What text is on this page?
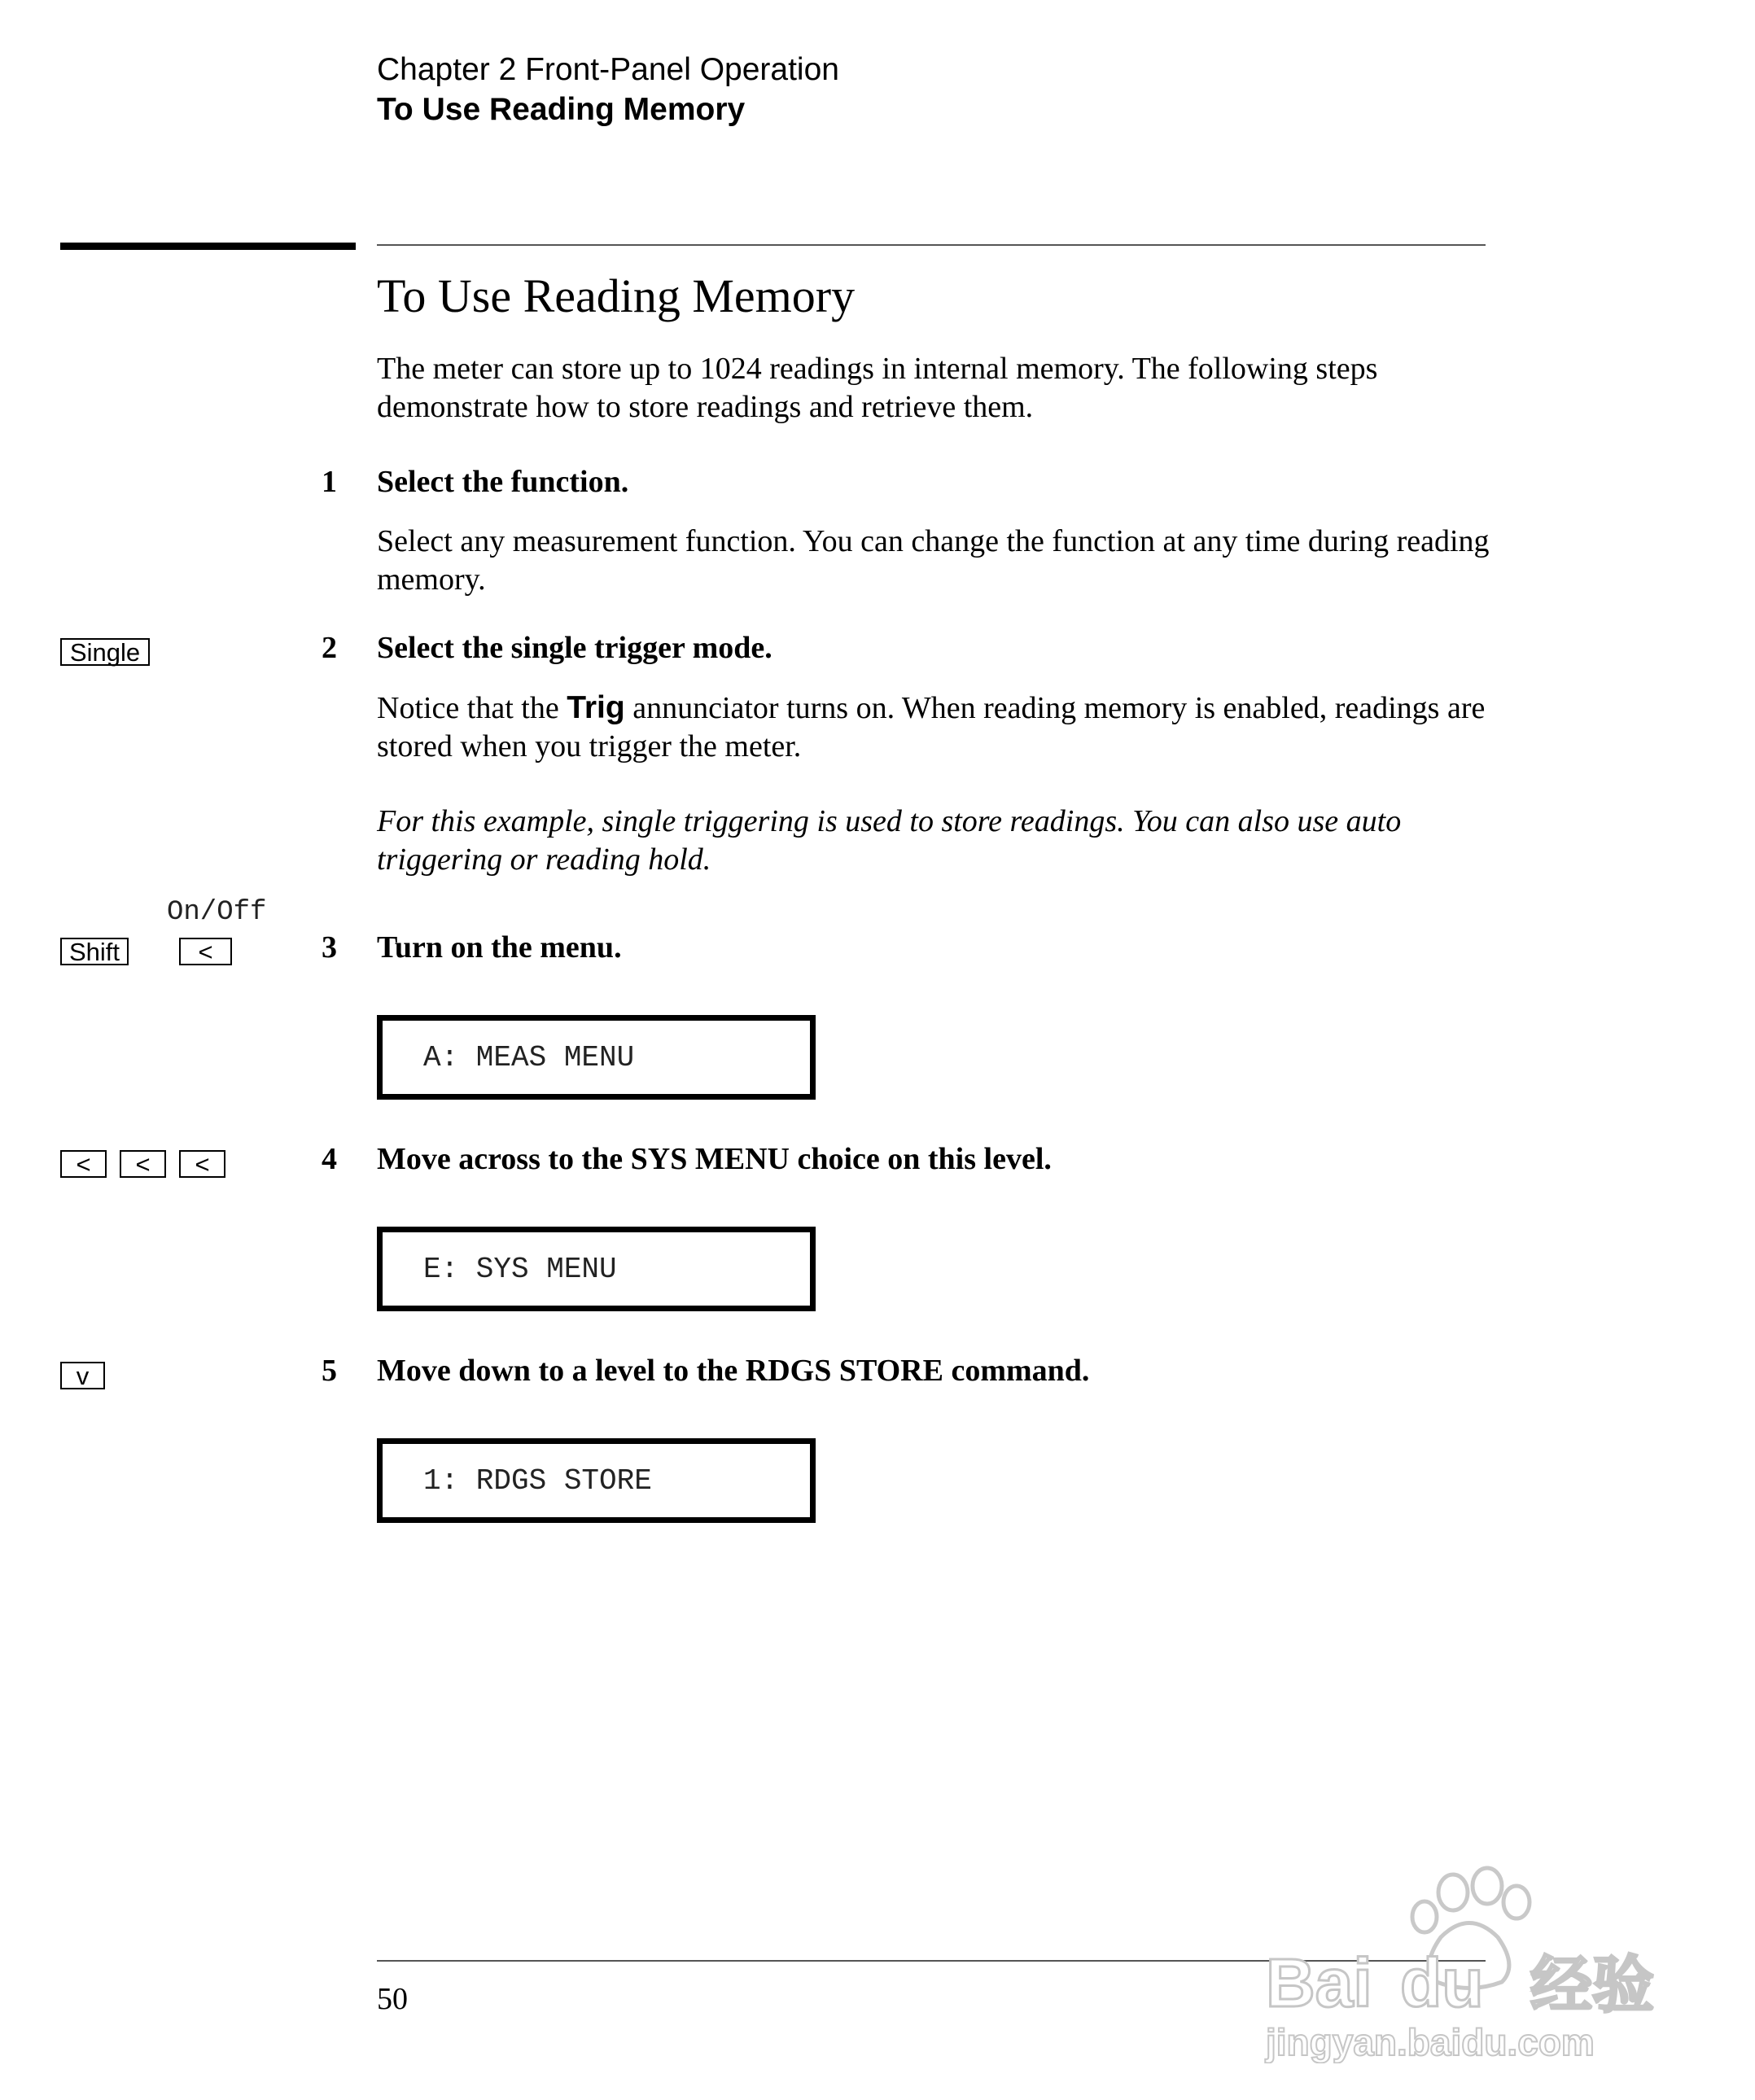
Chapter 2 Front-Panel Operation
To Use Reading Memory
To Use Reading Memory
The meter can store up to 1024 readings in internal memory. The following steps demonstrate how to store readings and retrieve them.
1 Select the function.
Select any measurement function. You can change the function at any time during reading memory.
Single	2 Select the single trigger mode.
Notice that the Trig annunciator turns on. When reading memory is enabled, readings are stored when you trigger the meter.
For this example, single triggering is used to store readings. You can also use auto triggering or reading hold.
On/Off
Shift	<	3 Turn on the menu.
A: MEAS MENU
<	<	<	4 Move across to the SYS MENU choice on this level.
E: SYS MENU
v	5 Move down to a level to the RDGS STORE command.
1: RDGS STORE
50	Bai du 经验
jingyan.baidu.com
